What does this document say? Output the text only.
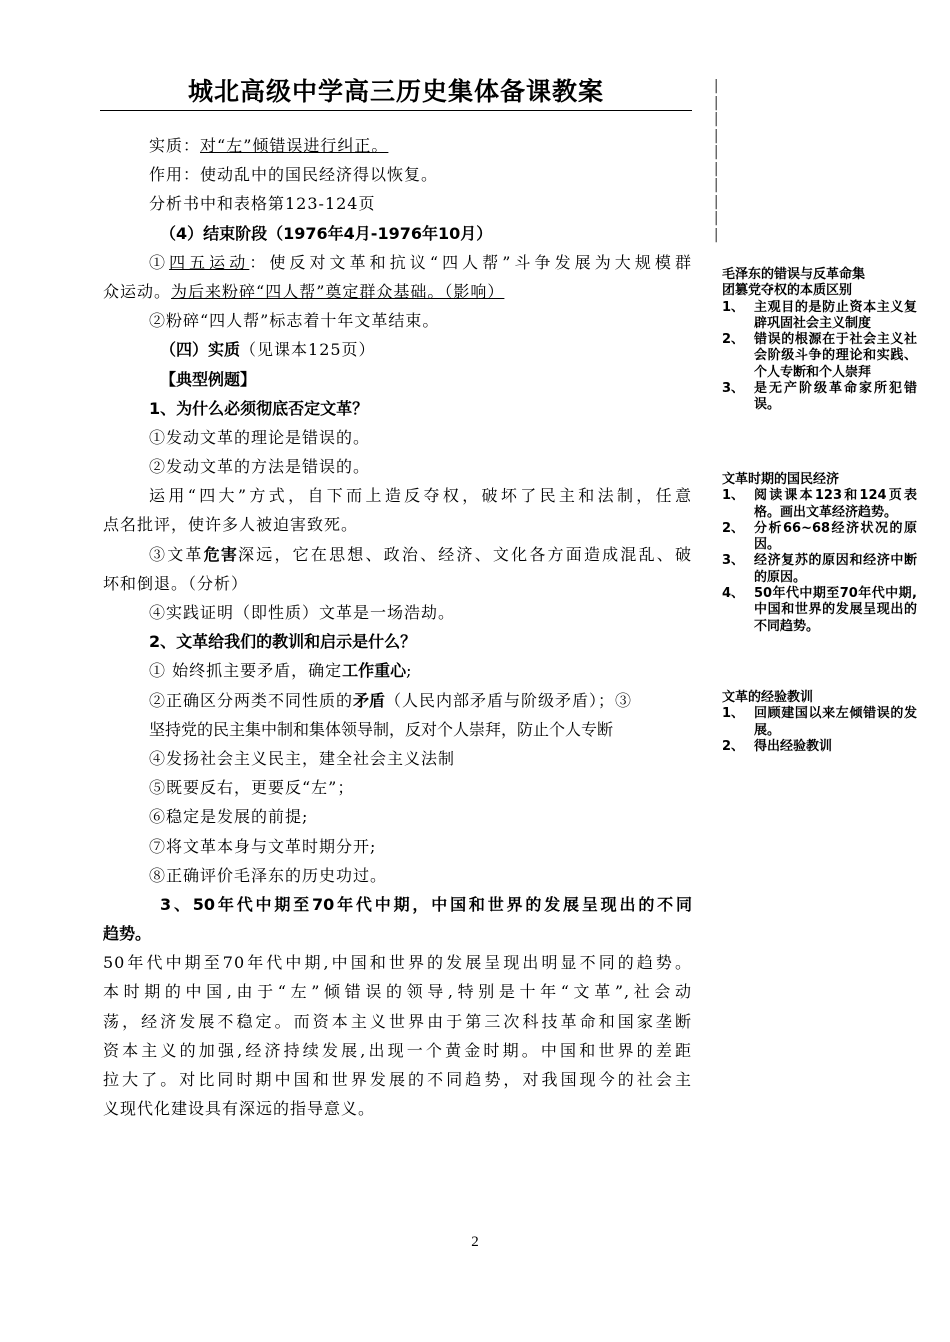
城北高级中学高三历史集体备课教案	|
|
|
|
|
|
|
|
|
|
实质：对“左”倾错误进行纠正。
作用：使动乱中的国民经济得以恢复。
分析书中和表格第123-124页
（4）结束阶段（1976年4月-1976年10月）
①四五运动：使反对文革和抗议“四人帮”斗争发展为大规模群
众运动。为后来粉碎“四人帮”奠定群众基础。（影响）
②粉碎“四人帮”标志着十年文革结束。
（四）实质（见课本125页）
【典型例题】
1、为什么必须彻底否定文革？
①发动文革的理论是错误的。
②发动文革的方法是错误的。
运用“四大”方式，自下而上造反夺权，破坏了民主和法制，任意
点名批评，使许多人被迫害致死。
③文革危害深远，它在思想、政治、经济、文化各方面造成混乱、破
坏和倒退。（分析）
④实践证明（即性质）文革是一场浩劫。
2、文革给我们的教训和启示是什么？
① 始终抓主要矛盾，确定工作重心;
②正确区分两类不同性质的矛盾（人民内部矛盾与阶级矛盾）；③
坚持党的民主集中制和集体领导制，反对个人崇拜，防止个人专断
④发扬社会主义民主，建全社会主义法制
⑤既要反右，更要反“左”；
⑥稳定是发展的前提;
⑦将文革本身与文革时期分开;
⑧正确评价毛泽东的历史功过。
3、50年代中期至70年代中期，中国和世界的发展呈现出的不同
趋势。
50年代中期至70年代中期,中国和世界的发展呈现出明显不同的趋势。
本时期的中国,由于“左”倾错误的领导,特别是十年“文革”,社会动
荡，经济发展不稳定。而资本主义世界由于第三次科技革命和国家垄断
资本主义的加强,经济持续发展,出现一个黄金时期。中国和世界的差距
拉大了。对比同时期中国和世界发展的不同趋势，对我国现今的社会主
义现代化建设具有深远的指导意义。
毛泽东的错误与反革命集
团篡党夺权的本质区别
1、 主观目的是防止资本主义复辟巩固社会主义制度
2、 错误的根源在于社会主义社会阶级斗争的理论和实践、个人专断和个人崇拜
3、 是无产阶级革命家所犯错误。
文革时期的国民经济
1、 阅读课本123和124页表格。画出文革经济趋势。
2、 分析66~68经济状况的原因。
3、 经济复苏的原因和经济中断的原因。
4、 50年代中期至70年代中期,中国和世界的发展呈现出的不同趋势。
文革的经验教训
1、 回顾建国以来左倾错误的发展。
2、 得出经验教训
2
